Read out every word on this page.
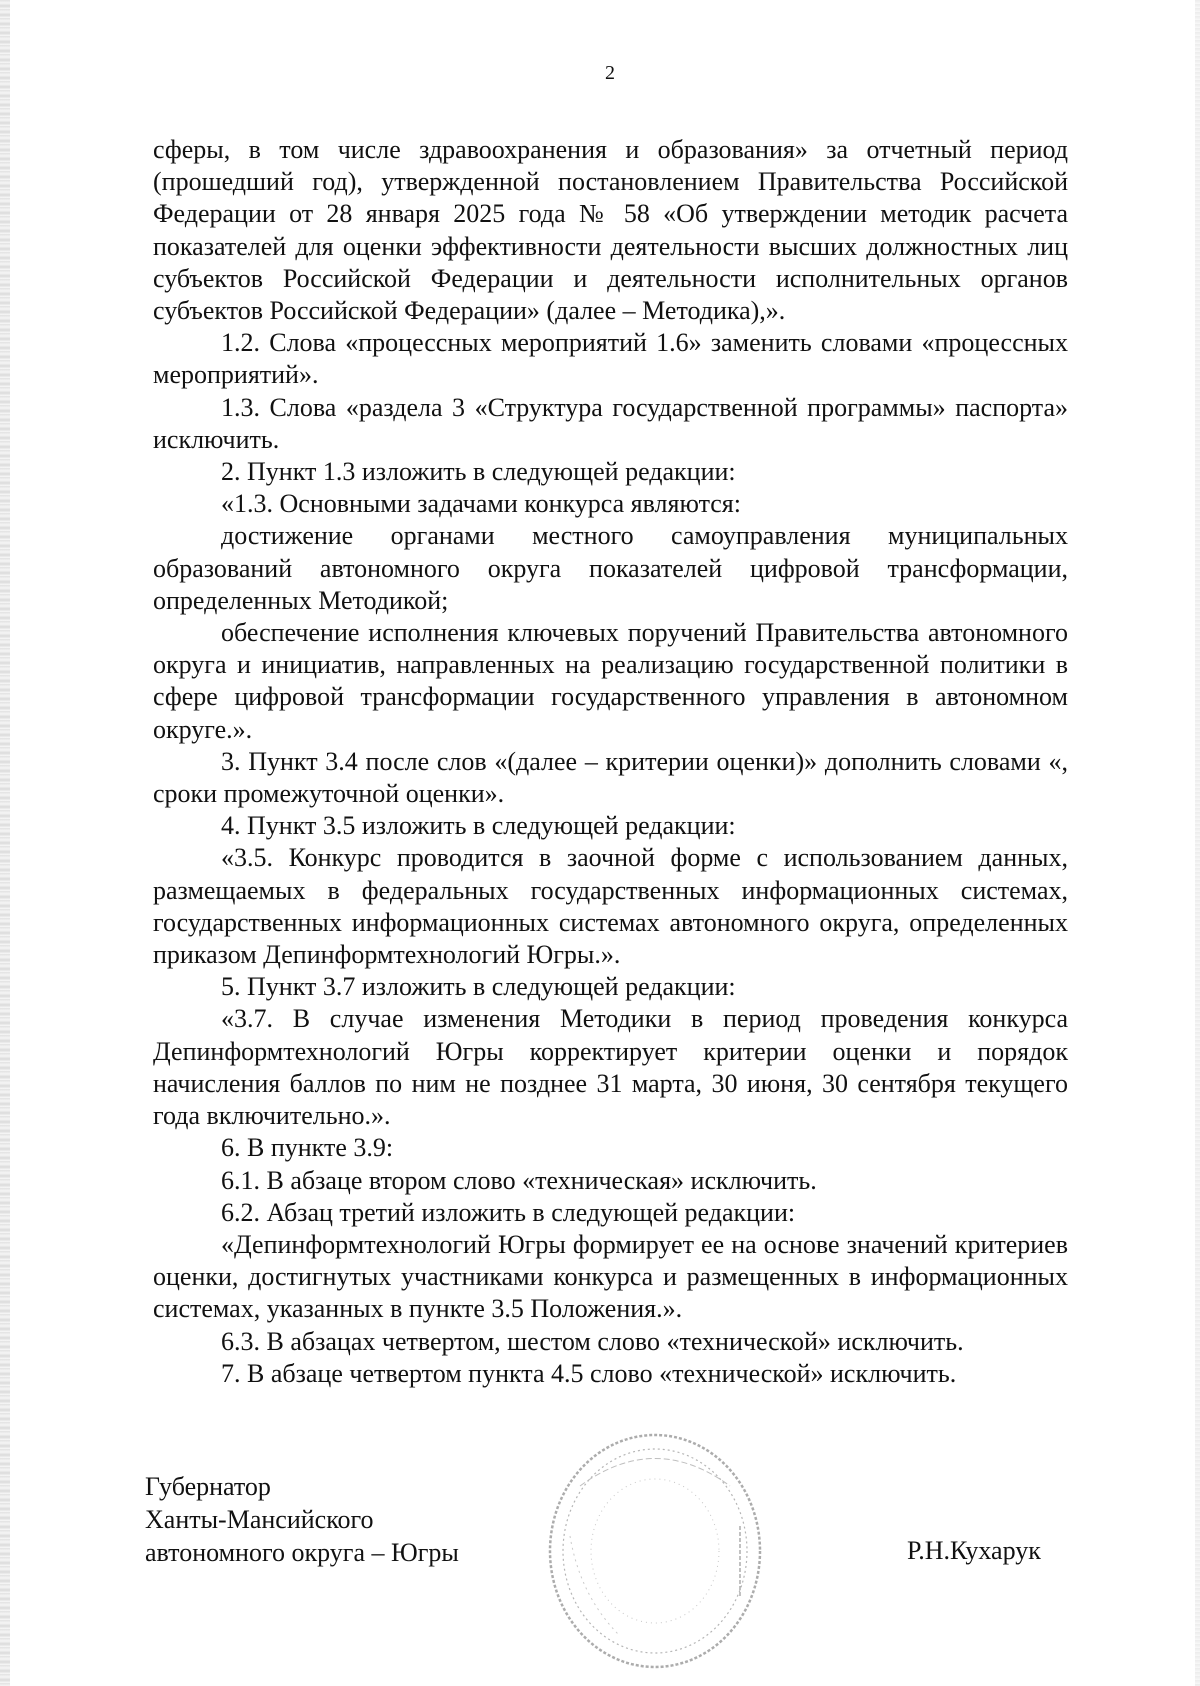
2

сферы, в том числе здравоохранения и образования» за отчетный период (прошедший год), утвержденной постановлением Правительства Российской Федерации от 28 января 2025 года № 58 «Об утверждении методик расчета показателей для оценки эффективности деятельности высших должностных лиц субъектов Российской Федерации и деятельности исполнительных органов субъектов Российской Федерации» (далее – Методика),».

1.2. Слова «процессных мероприятий 1.6» заменить словами «процессных мероприятий».

1.3. Слова «раздела 3 «Структура государственной программы» паспорта» исключить.

2. Пункт 1.3 изложить в следующей редакции:

«1.3. Основными задачами конкурса являются:

достижение органами местного самоуправления муниципальных образований автономного округа показателей цифровой трансформации, определенных Методикой;

обеспечение исполнения ключевых поручений Правительства автономного округа и инициатив, направленных на реализацию государственной политики в сфере цифровой трансформации государственного управления в автономном округе.».

3. Пункт 3.4 после слов «(далее – критерии оценки)» дополнить словами «, сроки промежуточной оценки».

4. Пункт 3.5 изложить в следующей редакции:

«3.5. Конкурс проводится в заочной форме с использованием данных, размещаемых в федеральных государственных информационных системах, государственных информационных системах автономного округа, определенных приказом Депинформтехнологий Югры.».

5. Пункт 3.7 изложить в следующей редакции:

«3.7. В случае изменения Методики в период проведения конкурса Депинформтехнологий Югры корректирует критерии оценки и порядок начисления баллов по ним не позднее 31 марта, 30 июня, 30 сентября текущего года включительно.».

6. В пункте 3.9:

6.1. В абзаце втором слово «техническая» исключить.

6.2. Абзац третий изложить в следующей редакции:

«Депинформтехнологий Югры формирует ее на основе значений критериев оценки, достигнутых участниками конкурса и размещенных в информационных системах, указанных в пункте 3.5 Положения.».

6.3. В абзацах четвертом, шестом слово «технической» исключить.

7. В абзаце четвертом пункта 4.5 слово «технической» исключить.

Губернатор
Ханты-Мансийского
автономного округа – Югры	Р.Н.Кухарук
